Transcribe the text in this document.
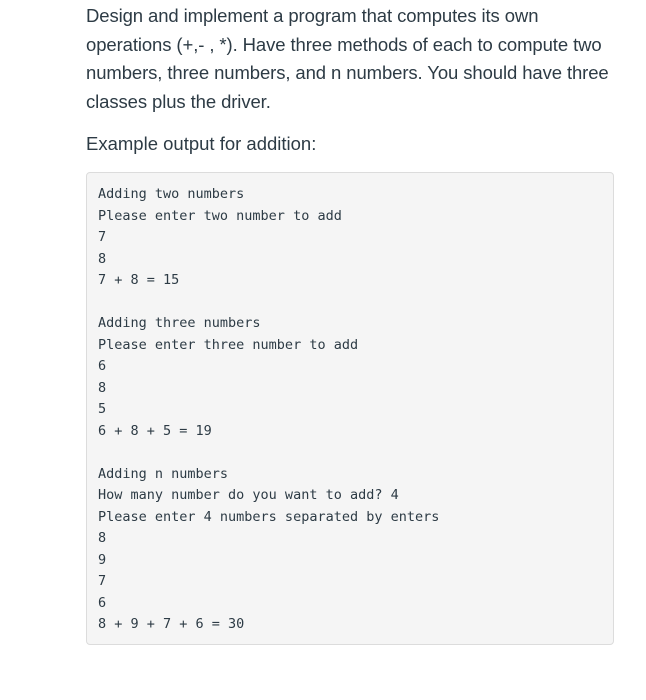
Design and implement a program that computes its own operations (+,- , *). Have three methods of each to compute two numbers, three numbers, and n numbers. You should have three classes plus the driver.

Example output for addition:

Adding two numbers
Please enter two number to add
7
8
7 + 8 = 15
Adding three numbers
Please enter three number to add
6
8
5
6 + 8 + 5 = 19
Adding n numbers
How many number do you want to add? 4
Please enter 4 numbers separated by enters
8
9
7
6
8 + 9 + 7 + 6 = 30
